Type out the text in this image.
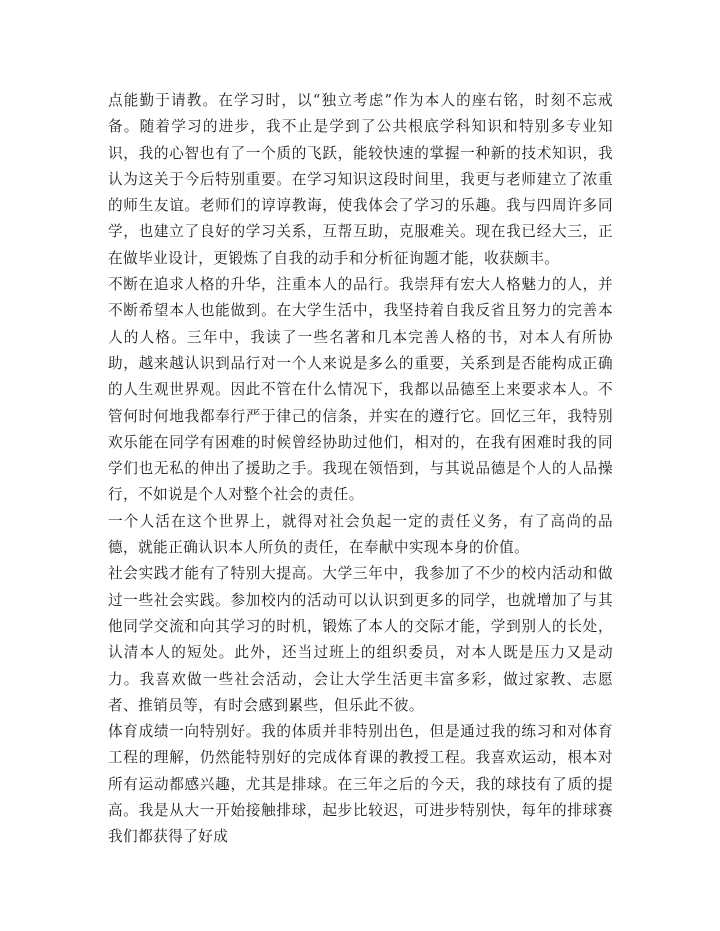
点能勤于请教。在学习时，以“独立考虑”作为本人的座右铭，时刻不忘戒备。随着学习的进步，我不止是学到了公共根底学科知识和特别多专业知识，我的心智也有了一个质的飞跃，能较快速的掌握一种新的技术知识，我认为这关于今后特别重要。在学习知识这段时间里，我更与老师建立了浓重的师生友谊。老师们的谆谆教诲，使我体会了学习的乐趣。我与四周许多同学，也建立了良好的学习关系，互帮互助，克服难关。现在我已经大三，正在做毕业设计，更锻炼了自我的动手和分析征询题才能，收获颇丰。

不断在追求人格的升华，注重本人的品行。我崇拜有宏大人格魅力的人，并不断希望本人也能做到。在大学生活中，我坚持着自我反省且努力的完善本人的人格。三年中，我读了一些名著和几本完善人格的书，对本人有所协助，越来越认识到品行对一个人来说是多么的重要，关系到是否能构成正确的人生观世界观。因此不管在什么情况下，我都以品德至上来要求本人。不管何时何地我都奉行严于律己的信条，并实在的遵行它。回忆三年，我特别欢乐能在同学有困难的时候曾经协助过他们，相对的，在我有困难时我的同学们也无私的伸出了援助之手。我现在领悟到，与其说品德是个人的人品操行，不如说是个人对整个社会的责任。

一个人活在这个世界上，就得对社会负起一定的责任义务，有了高尚的品德，就能正确认识本人所负的责任，在奉献中实现本身的价值。

社会实践才能有了特别大提高。大学三年中，我参加了不少的校内活动和做过一些社会实践。参加校内的活动可以认识到更多的同学，也就增加了与其他同学交流和向其学习的时机，锻炼了本人的交际才能，学到别人的长处，认清本人的短处。此外，还当过班上的组织委员，对本人既是压力又是动力。我喜欢做一些社会活动，会让大学生活更丰富多彩，做过家教、志愿者、推销员等，有时会感到累些，但乐此不彼。

体育成绩一向特别好。我的体质并非特别出色，但是通过我的练习和对体育工程的理解，仍然能特别好的完成体育课的教授工程。我喜欢运动，根本对所有运动都感兴趣，尤其是排球。在三年之后的今天，我的球技有了质的提高。我是从大一开始接触排球，起步比较迟，可进步特别快，每年的排球赛我们都获得了好成
